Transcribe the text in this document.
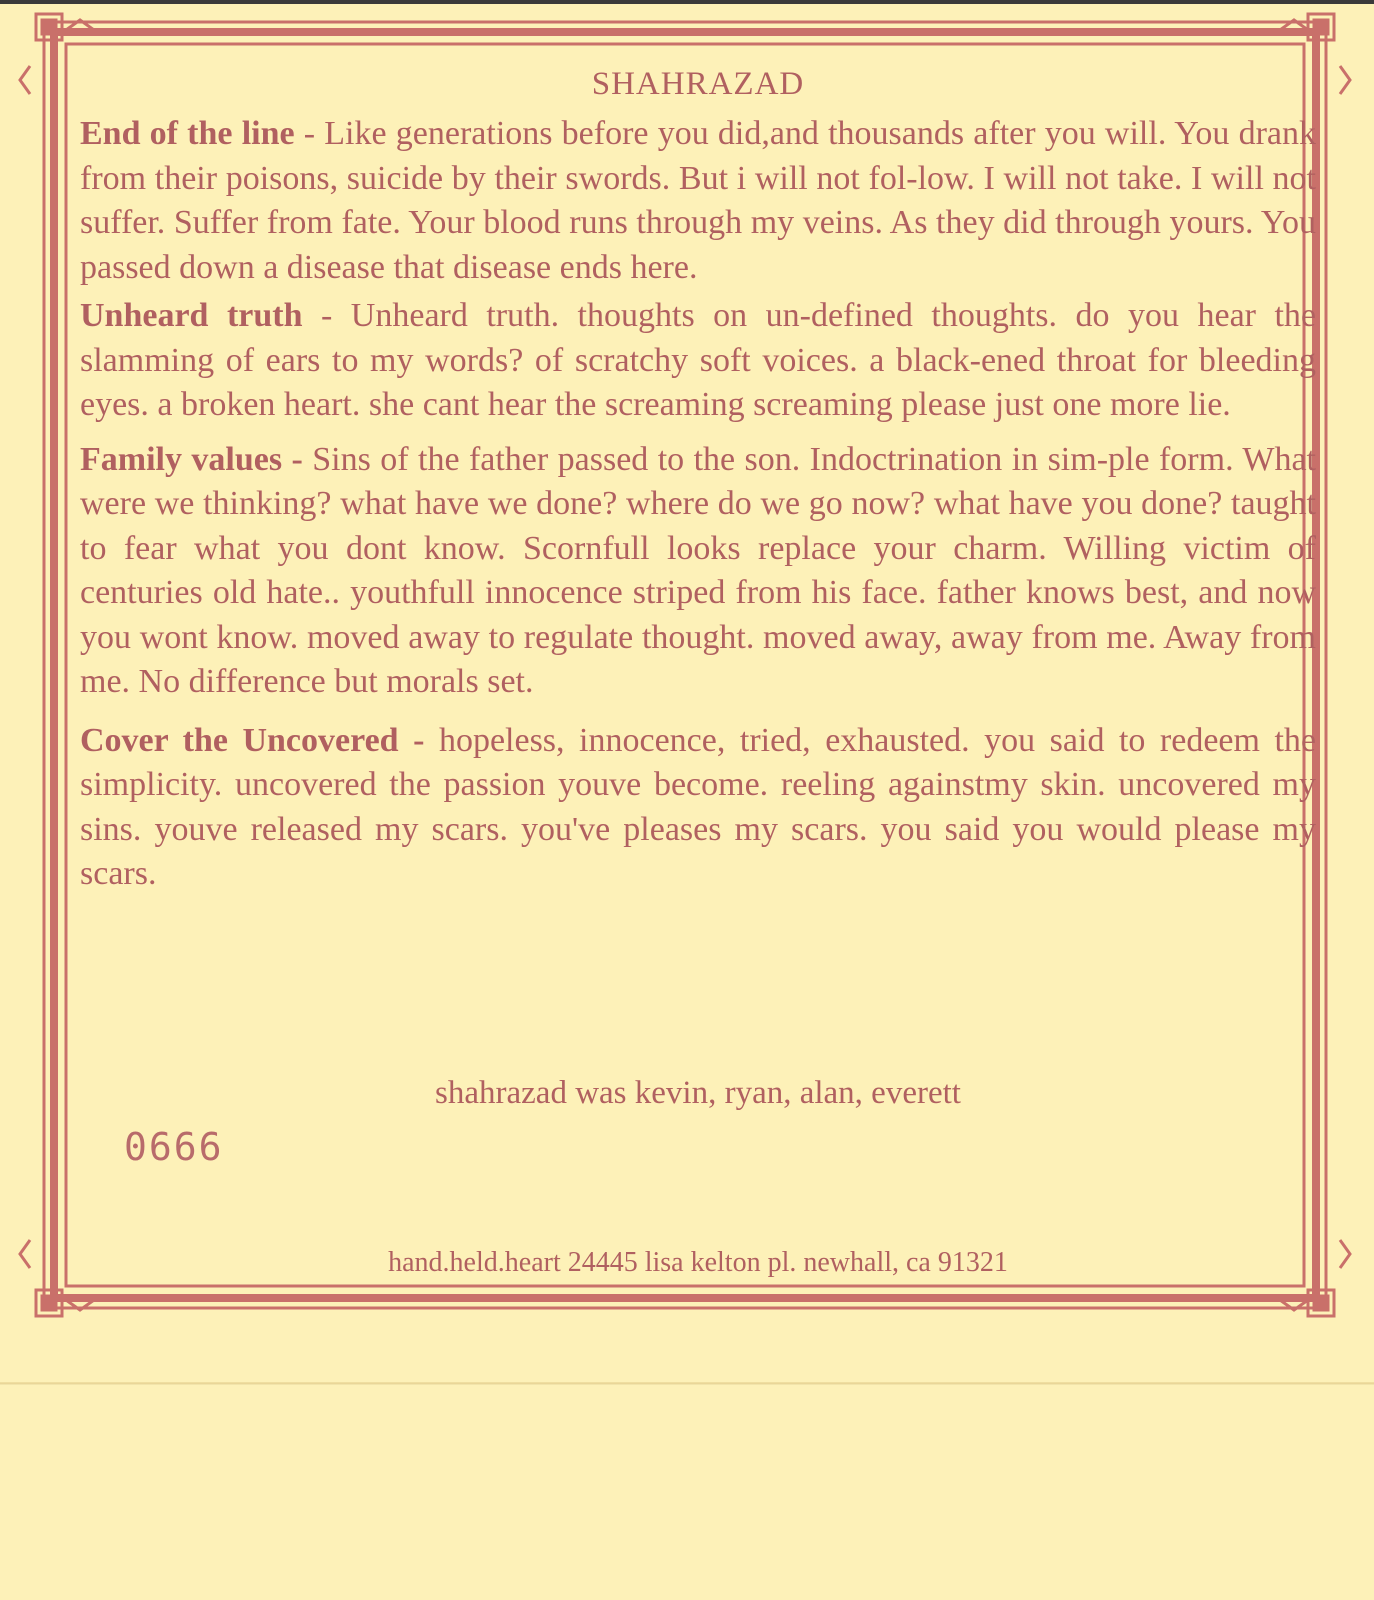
SHAHRAZAD

End of the line - Like generations before you did,and thousands after you will. You drank from their poisons, suicide by their swords. But i will not fol-low. I will not take. I will not suffer. Suffer from fate. Your blood runs through my veins. As they did through yours. You passed down a disease that disease ends here.

Unheard truth - Unheard truth. thoughts on un-defined thoughts. do you hear the slamming of ears to my words? of scratchy soft voices. a black-ened throat for bleeding eyes. a broken heart. she cant hear the screaming screaming please just one more lie.

Family values - Sins of the father passed to the son. Indoctrination in sim-ple form. What were we thinking? what have we done? where do we go now? what have you done? taught to fear what you dont know. Scornfull looks replace your charm. Willing victim of centuries old hate.. youthfull innocence striped from his face. father knows best, and now you wont know. moved away to regulate thought. moved away, away from me. Away from me. No difference but morals set.

Cover the Uncovered - hopeless, innocence, tried, exhausted. you said to redeem the simplicity. uncovered the passion youve become. reeling againstmy skin. uncovered my sins. youve released my scars. you've pleases my scars. you said you would please my scars.

shahrazad was kevin, ryan, alan, everett
0666
hand.held.heart 24445 lisa kelton pl. newhall, ca 91321
